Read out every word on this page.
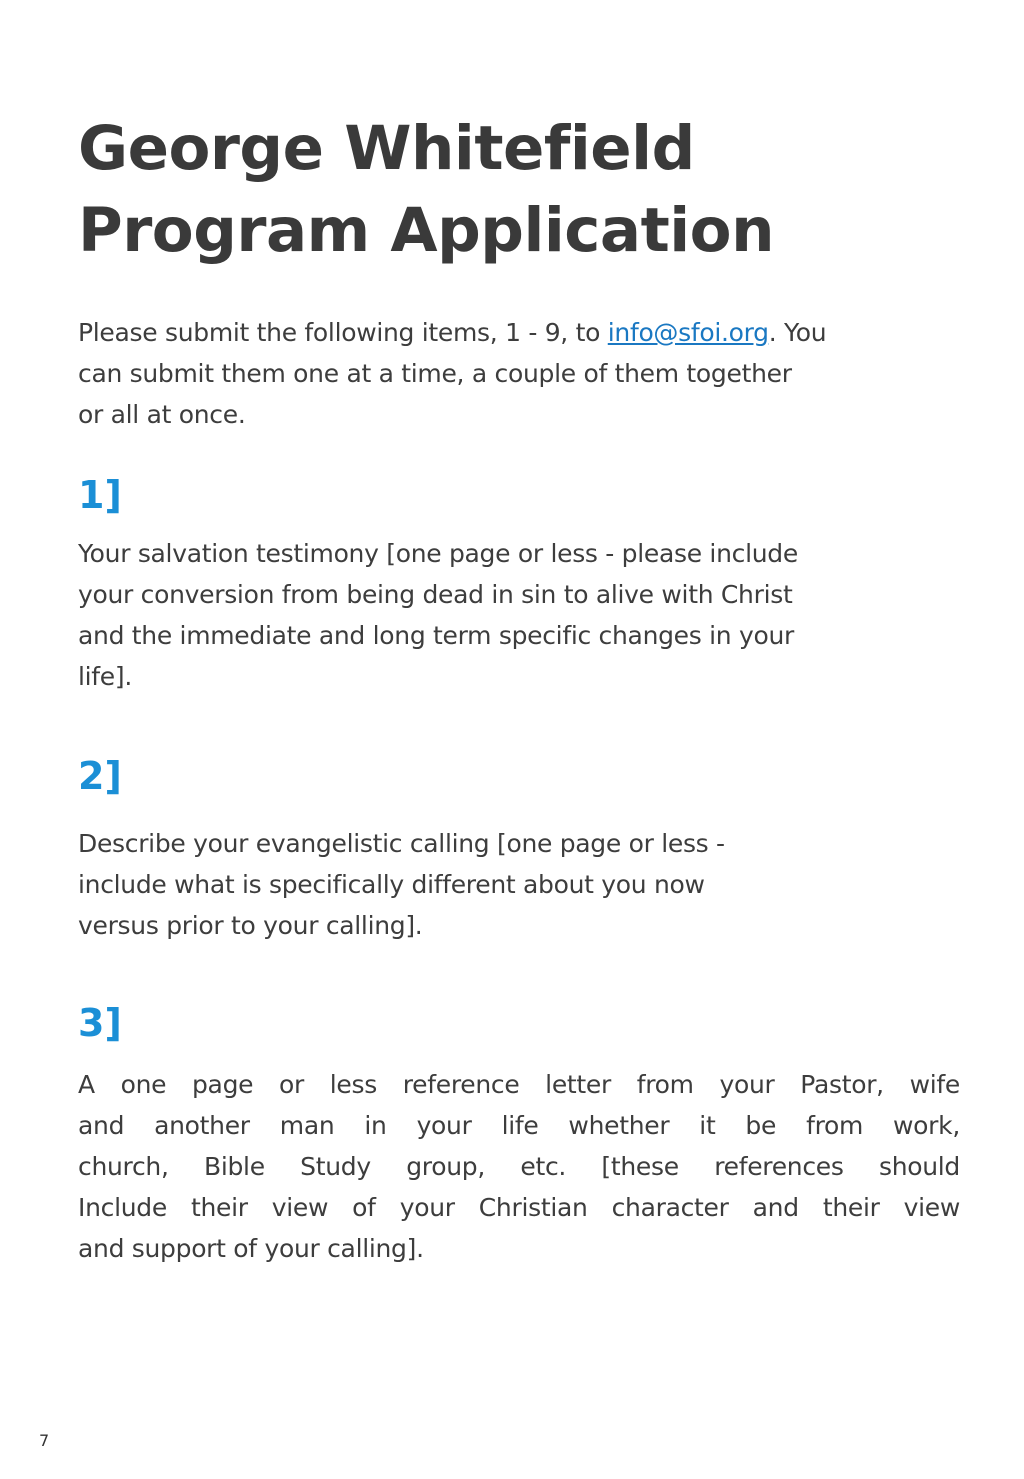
George Whitefield
Program Application

Please submit the following items, 1 - 9, to info@sfoi.org. You
can submit them one at a time, a couple of them together
or all at once.

1]

Your salvation testimony [one page or less - please include
your conversion from being dead in sin to alive with Christ
and the immediate and long term specific changes in your
life].

2]

Describe your evangelistic calling [one page or less -
include what is specifically different about you now
versus prior to your calling].

3]

A one page or less reference letter from your Pastor, wife
and another man in your life whether it be from work,
church, Bible Study group, etc. [these references should
Include their view of your Christian character and their view
and support of your calling].

7
